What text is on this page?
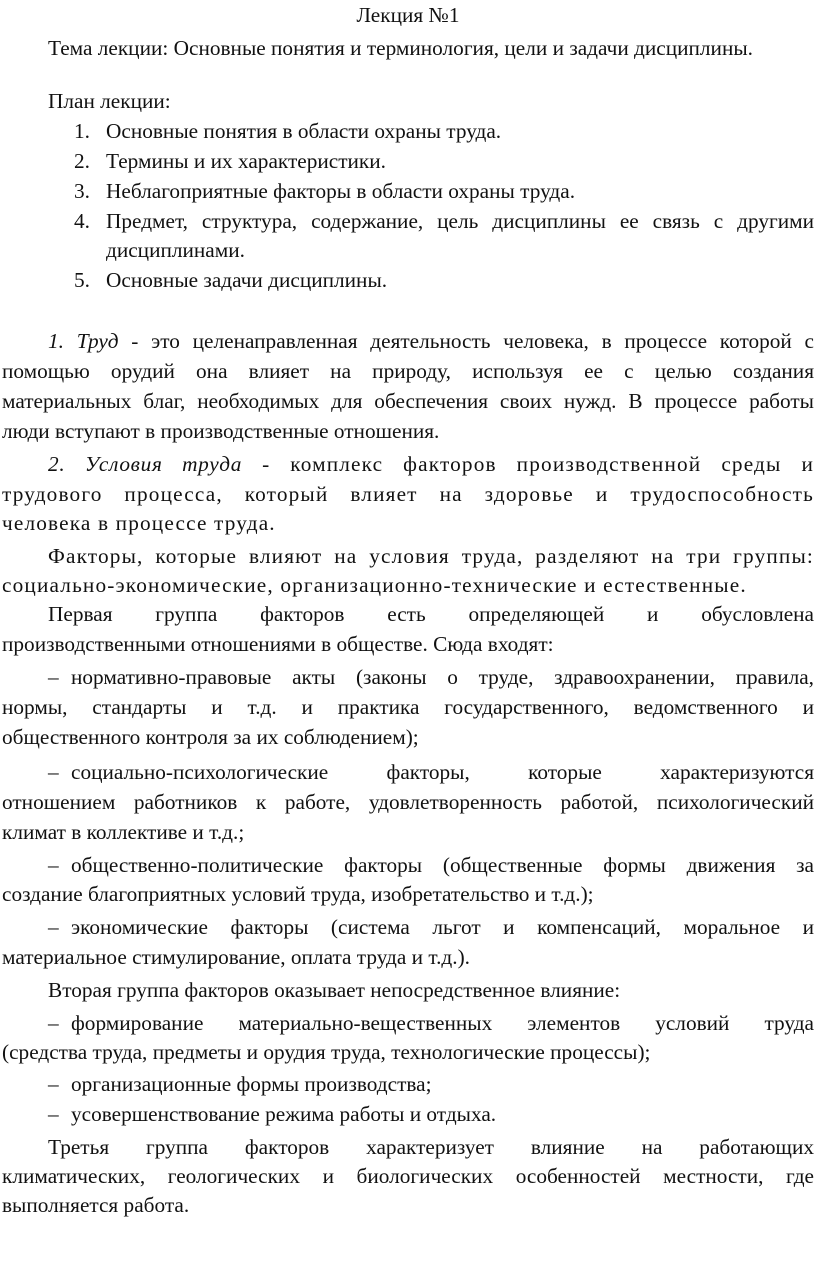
Лекция №1
Тема лекции: Основные понятия и терминология, цели и задачи дисциплины.
План лекции:
1. Основные понятия в области охраны труда.
2. Термины и их характеристики.
3. Неблагоприятные факторы в области охраны труда.
4. Предмет, структура, содержание, цель дисциплины ее связь с другими
дисциплинами.
5. Основные задачи дисциплины.
1. Труд - это целенаправленная деятельность человека, в процессе которой с
помощью орудий она влияет на природу, используя ее с целью создания
материальных благ, необходимых для обеспечения своих нужд. В процессе работы
люди вступают в производственные отношения.
2. Условия труда - комплекс факторов производственной среды и
трудового процесса, который влияет на здоровье и трудоспособность
человека в процессе труда.
Факторы, которые влияют на условия труда, разделяют на три группы:
социально-экономические, организационно-технические и естественные.
Первая группа факторов есть определяющей и обусловлена
производственными отношениями в обществе. Сюда входят:
– нормативно-правовые акты (законы о труде, здравоохранении, правила,
нормы, стандарты и т.д. и практика государственного, ведомственного и
общественного контроля за их соблюдением);
– социально-психологические факторы, которые характеризуются
отношением работников к работе, удовлетворенность работой, психологический
климат в коллективе и т.д.;
– общественно-политические факторы (общественные формы движения за
создание благоприятных условий труда, изобретательство и т.д.);
– экономические факторы (система льгот и компенсаций, моральное и
материальное стимулирование, оплата труда и т.д.).
Вторая группа факторов оказывает непосредственное влияние:
– формирование материально-вещественных элементов условий труда
(средства труда, предметы и орудия труда, технологические процессы);
– организационные формы производства;
– усовершенствование режима работы и отдыха.
Третья группа факторов характеризует влияние на работающих
климатических, геологических и биологических особенностей местности, где
выполняется работа.
